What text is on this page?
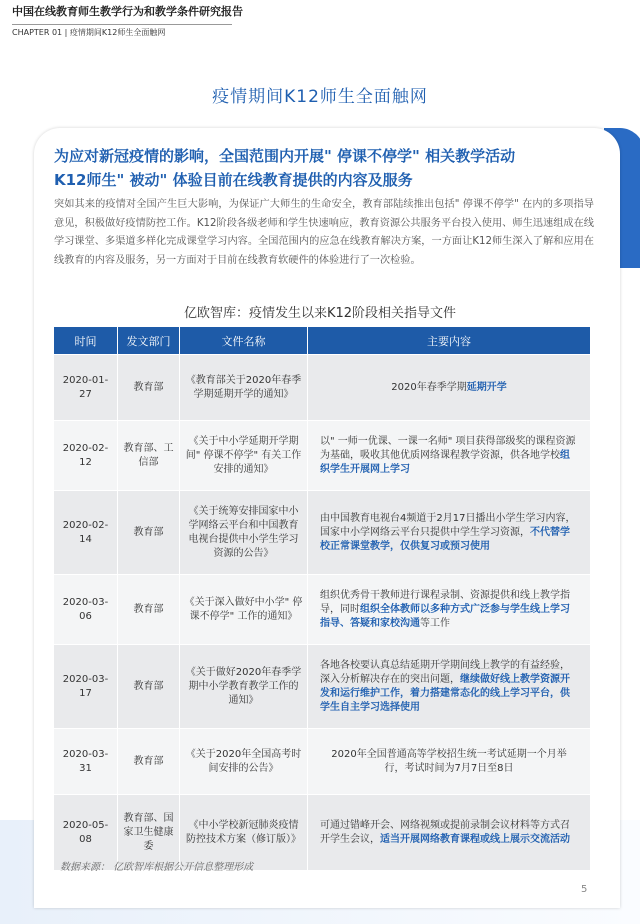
中国在线教育师生教学行为和教学条件研究报告
CHAPTER 01 | 疫情期间K12师生全面触网
疫情期间K12师生全面触网
为应对新冠疫情的影响，全国范围内开展" 停课不停学" 相关教学活动
K12师生" 被动" 体验目前在线教育提供的内容及服务
突如其来的疫情对全国产生巨大影响，为保证广大师生的生命安全，教育部陆续推出包括" 停课不停学" 在内的多项指导意见，积极做好疫情防控工作。K12阶段各级老师和学生快速响应，教育资源公共服务平台投入使用、师生迅速组成在线学习课堂、多渠道多样化完成课堂学习内容。全国范围内的应急在线教育解决方案，一方面让K12师生深入了解和应用在线教育的内容及服务，另一方面对于目前在线教育软硬件的体验进行了一次检验。
亿欧智库：疫情发生以来K12阶段相关指导文件
时间	发文部门	文件名称	主要内容
2020-01-27	教育部	《教育部关于2020年春季学期延期开学的通知》	2020年春季学期延期开学
2020-02-12	教育部、工信部	《关于中小学延期开学期间" 停课不停学" 有关工作安排的通知》	以" 一师一优课、一课一名师" 项目获得部级奖的课程资源为基础，吸收其他优质网络课程教学资源，供各地学校组织学生开展网上学习
2020-02-14	教育部	《关于统筹安排国家中小学网络云平台和中国教育电视台提供中小学生学习资源的公告》	由中国教育电视台4频道于2月17日播出小学生学习内容，国家中小学网络云平台只提供中学生学习资源，不代替学校正常课堂教学，仅供复习或预习使用
2020-03-06	教育部	《关于深入做好中小学" 停课不停学" 工作的通知》	组织优秀骨干教师进行课程录制、资源提供和线上教学指导，同时组织全体教师以多种方式广泛参与学生线上学习指导、答疑和家校沟通等工作
2020-03-17	教育部	《关于做好2020年春季学期中小学教育教学工作的通知》	各地各校要认真总结延期开学期间线上教学的有益经验，深入分析解决存在的突出问题，继续做好线上教学资源开发和运行维护工作，着力搭建常态化的线上学习平台，供学生自主学习选择使用
2020-03-31	教育部	《关于2020年全国高考时间安排的公告》	2020年全国普通高等学校招生统一考试延期一个月举行，考试时间为7月7日至8日
2020-05-08	教育部、国家卫生健康委	《中小学校新冠肺炎疫情防控技术方案（修订版）》	可通过错峰开会、网络视频或提前录制会议材料等方式召开学生会议，适当开展网络教育课程或线上展示交流活动
数据来源： 亿欧智库根据公开信息整理形成
5
